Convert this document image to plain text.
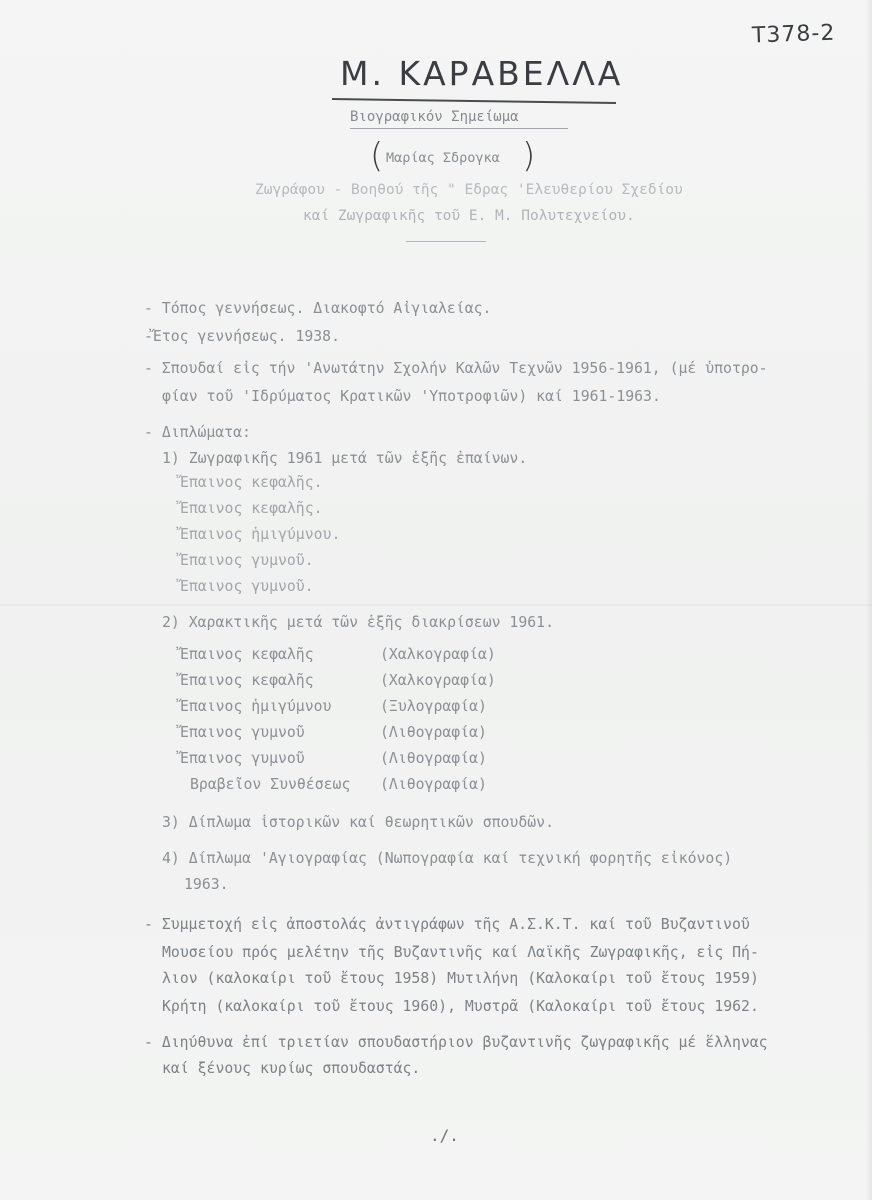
Τ378-2
Μ. ΚΑΡΑΒΕΛΛΑ
Βιογραφικόν Σημείωμα
( Μαρίας Σδρογκα )
Ζωγράφου - Βοηθού τῆς " Εδρας 'Ελευθερίου Σχεδίου
καί Ζωγραφικῆς τοῦ Ε. Μ. Πολυτεχνείου.
- Τόπος γεννήσεως. Διακοφτό Αἰγιαλείας.
-Ἔτος γεννήσεως. 1938.
- Σπουδαί εἰς τήν 'Ανωτάτην Σχολήν Καλῶν Τεχνῶν 1956-1961, (μέ ὑποτρο-
φίαν τοῦ 'Ιδρύματος Κρατικῶν 'Υποτροφιῶν) καί 1961-1963.
- Διπλώματα:
1) Ζωγραφικῆς 1961 μετά τῶν ἑξῆς ἐπαίνων.
Ἔπαινος κεφαλῆς.
Ἔπαινος κεφαλῆς.
Ἔπαινος ἡμιγύμνου.
Ἔπαινος γυμνοῦ.
Ἔπαινος γυμνοῦ.
2) Χαρακτικῆς μετά τῶν ἑξῆς διακρίσεων 1961.
Ἔπαινος κεφαλῆς	(Χαλκογραφία)
Ἔπαινος κεφαλῆς	(Χαλκογραφία)
Ἔπαινος ἡμιγύμνου	(Ξυλογραφία)
Ἔπαινος γυμνοῦ	(Λιθογραφία)
Ἔπαινος γυμνοῦ	(Λιθογραφία)
Βραβεῖον Συνθέσεως (Λιθογραφία)
3) Δίπλωμα ἱστορικῶν καί θεωρητικῶν σπουδῶν.
4) Δίπλωμα 'Αγιογραφίας (Νωπογραφία καί τεχνική φορητῆς εἰκόνος)
1963.
- Συμμετοχή εἰς ἀποστολάς ἀντιγράφων τῆς Α.Σ.Κ.Τ. καί τοῦ Βυζαντινοῦ
Μουσείου πρός μελέτην τῆς Βυζαντινῆς καί Λαϊκῆς Ζωγραφικῆς, εἰς Πή-
λιον (καλοκαίρι τοῦ ἔτους 1958) Μυτιλήνη (Καλοκαίρι τοῦ ἔτους 1959)
Κρήτη (καλοκαίρι τοῦ ἔτους 1960), Μυστρᾶ (Καλοκαίρι τοῦ ἔτους 1962.
- Διηύθυνα ἐπί τριετίαν σπουδαστήριον βυζαντινῆς ζωγραφικῆς μέ ἕλληνας
καί ξένους κυρίως σπουδαστάς.
./.
